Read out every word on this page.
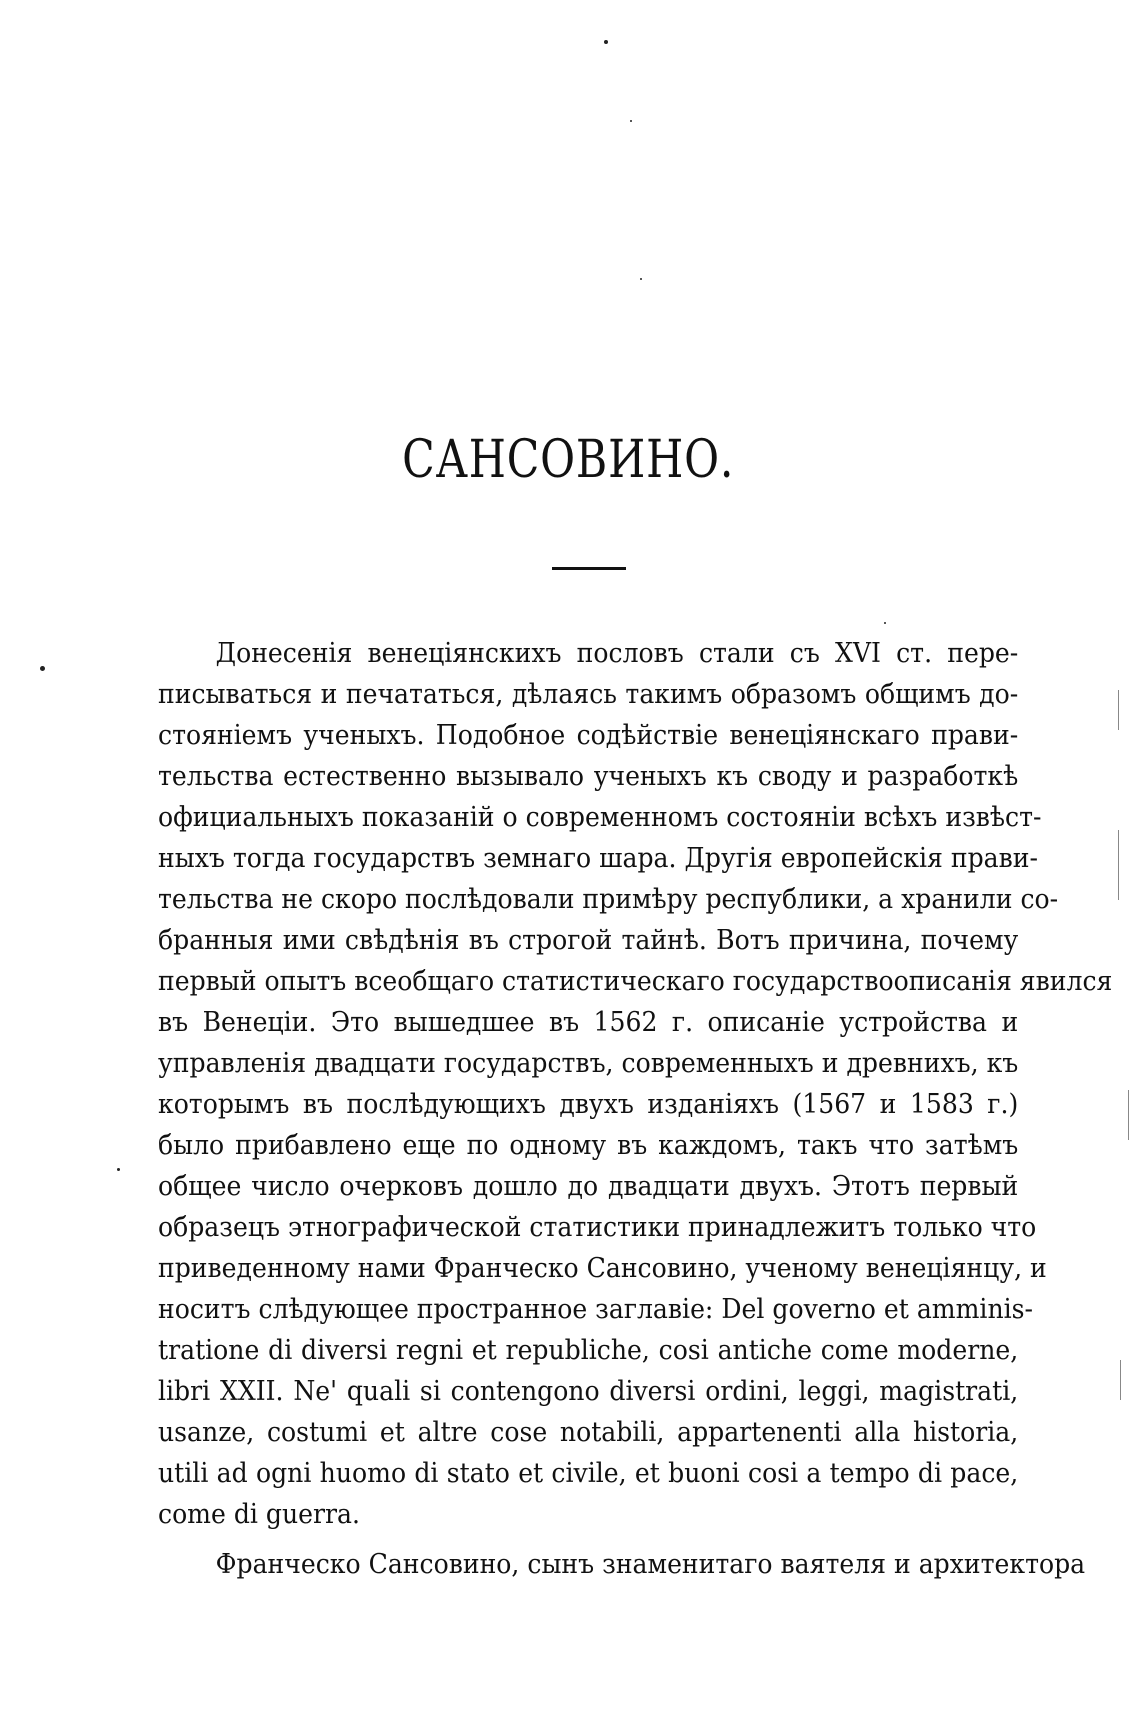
САНСОВИНО.
Донесенія венеціянскихъ пословъ стали съ XVI ст. пере-
писываться и печататься, дѣлаясь такимъ образомъ общимъ до-
стояніемъ ученыхъ. Подобное содѣйствіе венеціянскаго прави-
тельства естественно вызывало ученыхъ къ своду и разработкѣ
официальныхъ показаній о современномъ состояніи всѣхъ извѣст-
ныхъ тогда государствъ земнаго шара. Другія европейскія прави-
тельства не скоро послѣдовали примѣру республики, а хранили со-
бранныя ими свѣдѣнія въ строгой тайнѣ. Вотъ причина, почему
первый опытъ всеобщаго статистическаго государствоописанія явился
въ Венеціи. Это вышедшее въ 1562 г. описаніе устройства и
управленія двадцати государствъ, современныхъ и древнихъ, къ
которымъ въ послѣдующихъ двухъ изданіяхъ (1567 и 1583 г.)
было прибавлено еще по одному въ каждомъ, такъ что затѣмъ
общее число очерковъ дошло до двадцати двухъ. Этотъ первый
образецъ этнографической статистики принадлежитъ только что
приведенному нами Франческо Сансовино, ученому венеціянцу, и
носитъ слѣдующее пространное заглавіе: Del governo et amminis-
tratione di diversi regni et republiche, cosi antiche come moderne,
libri XXII. Ne' quali si contengono diversi ordini, leggi, magistrati,
usanze, costumi et altre cose notabili, appartenenti alla historia,
utili ad ogni huomo di stato et civile, et buoni cosi a tempo di pace,
come di guerra.
Франческо Сансовино, сынъ знаменитаго ваятеля и архитектора
